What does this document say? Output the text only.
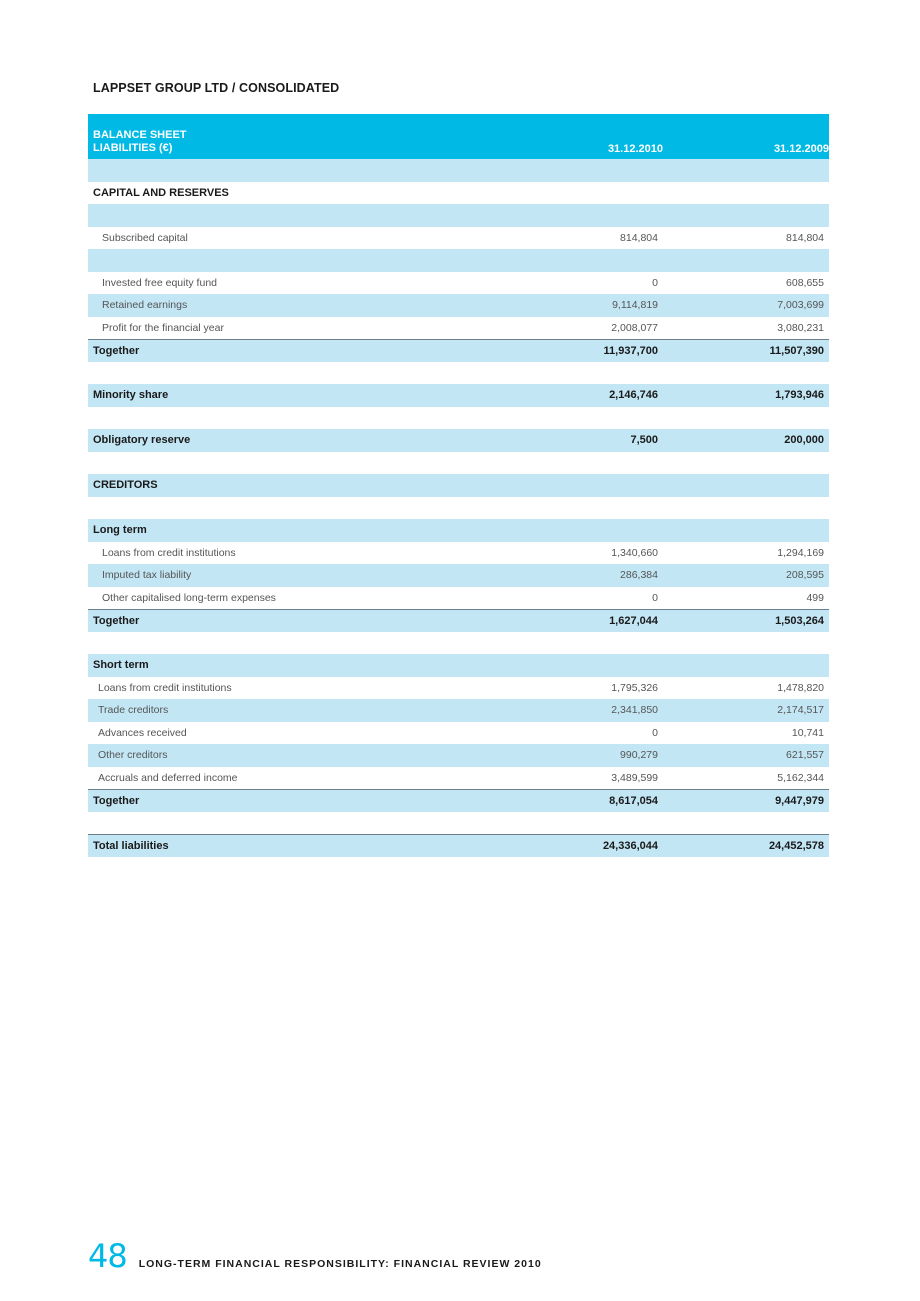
LAPPSET GROUP LTD / CONSOLIDATED
BALANCE SHEET
LIABILITIES (€)	31.12.2010	31.12.2009
CAPITAL AND RESERVES
Subscribed capital	814,804	814,804
Invested free equity fund	0	608,655
Retained earnings	9,114,819	7,003,699
Profit for the financial year	2,008,077	3,080,231
Together	11,937,700	11,507,390
Minority share	2,146,746	1,793,946
Obligatory reserve	7,500	200,000
CREDITORS
Long term
Loans from credit institutions	1,340,660	1,294,169
Imputed tax liability	286,384	208,595
Other capitalised long-term expenses	0	499
Together	1,627,044	1,503,264
Short term
Loans from credit institutions	1,795,326	1,478,820
Trade creditors	2,341,850	2,174,517
Advances received	0	10,741
Other creditors	990,279	621,557
Accruals and deferred income	3,489,599	5,162,344
Together	8,617,054	9,447,979
Total liabilities	24,336,044	24,452,578
48 LONG-TERM FINANCIAL RESPONSIBILITY: FINANCIAL REVIEW 2010
